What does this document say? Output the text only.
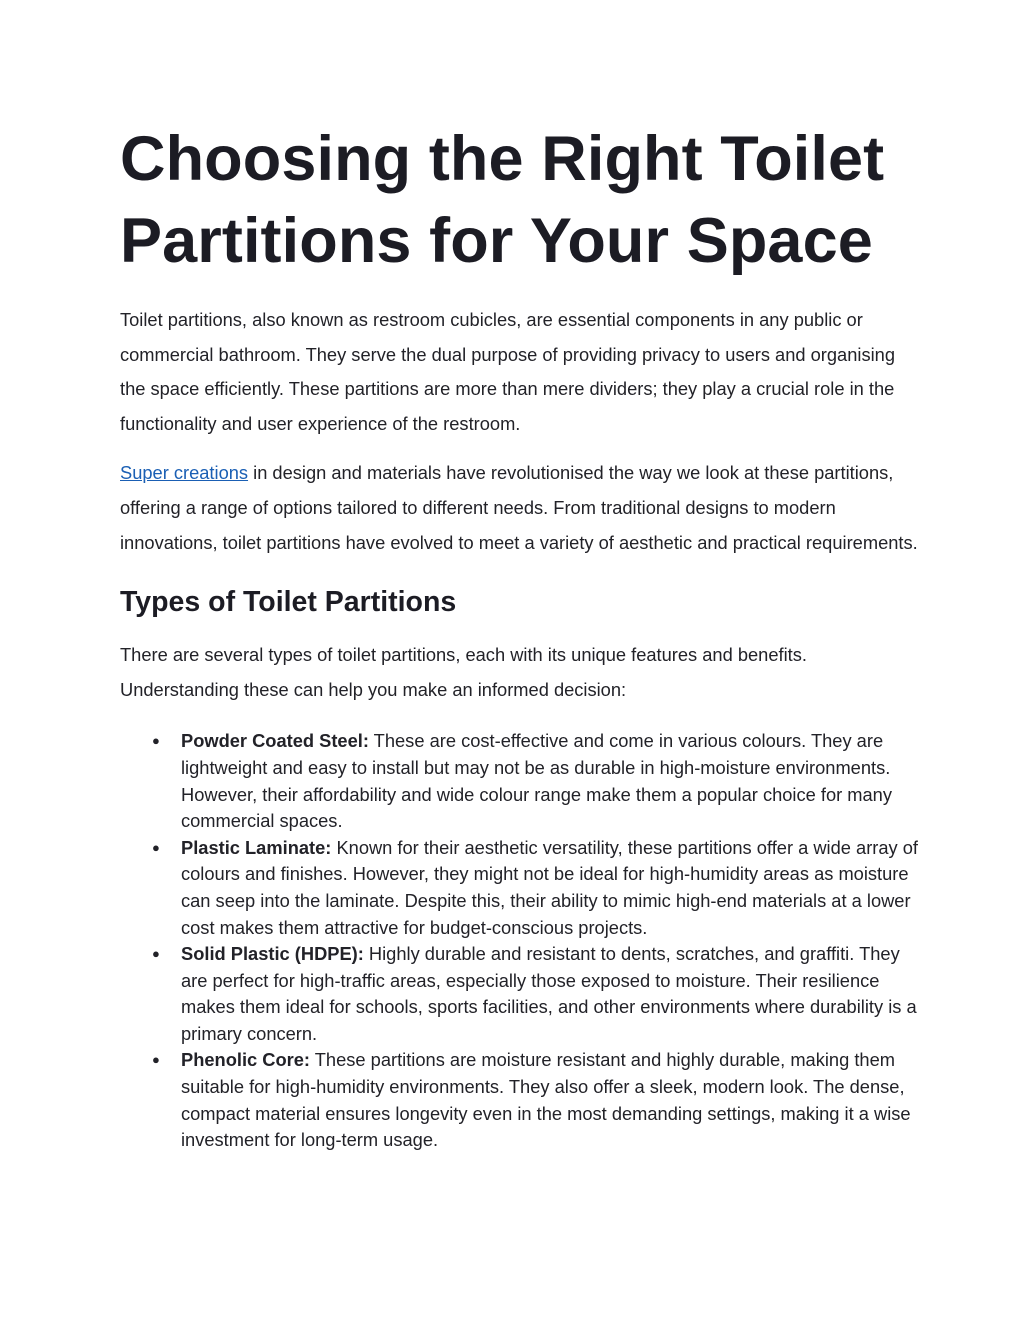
Choosing the Right Toilet Partitions for Your Space

Toilet partitions, also known as restroom cubicles, are essential components in any public or commercial bathroom. They serve the dual purpose of providing privacy to users and organising the space efficiently. These partitions are more than mere dividers; they play a crucial role in the functionality and user experience of the restroom.

Super creations in design and materials have revolutionised the way we look at these partitions, offering a range of options tailored to different needs. From traditional designs to modern innovations, toilet partitions have evolved to meet a variety of aesthetic and practical requirements.

Types of Toilet Partitions

There are several types of toilet partitions, each with its unique features and benefits. Understanding these can help you make an informed decision:

● Powder Coated Steel: These are cost-effective and come in various colours. They are lightweight and easy to install but may not be as durable in high-moisture environments. However, their affordability and wide colour range make them a popular choice for many commercial spaces.
● Plastic Laminate: Known for their aesthetic versatility, these partitions offer a wide array of colours and finishes. However, they might not be ideal for high-humidity areas as moisture can seep into the laminate. Despite this, their ability to mimic high-end materials at a lower cost makes them attractive for budget-conscious projects.
● Solid Plastic (HDPE): Highly durable and resistant to dents, scratches, and graffiti. They are perfect for high-traffic areas, especially those exposed to moisture. Their resilience makes them ideal for schools, sports facilities, and other environments where durability is a primary concern.
● Phenolic Core: These partitions are moisture resistant and highly durable, making them suitable for high-humidity environments. They also offer a sleek, modern look. The dense, compact material ensures longevity even in the most demanding settings, making it a wise investment for long-term usage.
